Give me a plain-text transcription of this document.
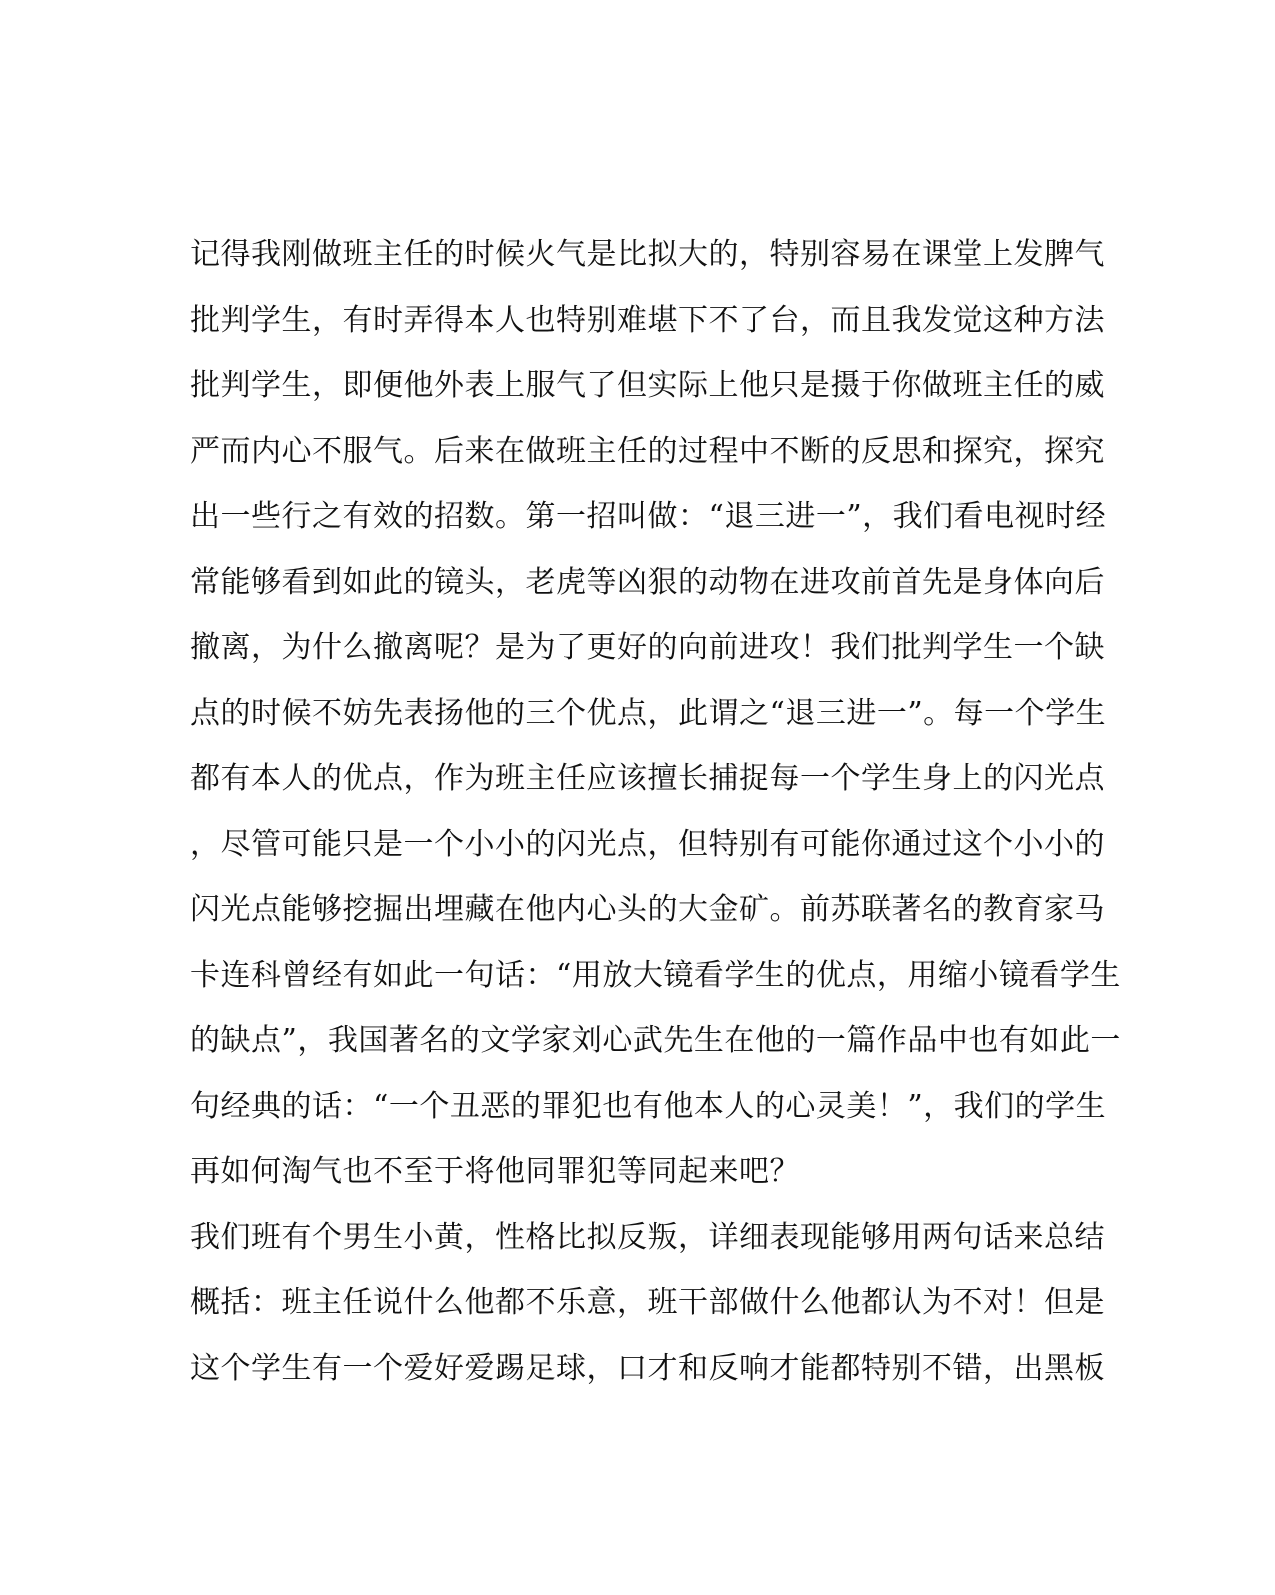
记得我刚做班主任的时候火气是比拟大的，特别容易在课堂上发脾气
批判学生，有时弄得本人也特别难堪下不了台，而且我发觉这种方法
批判学生，即便他外表上服气了但实际上他只是摄于你做班主任的威
严而内心不服气。后来在做班主任的过程中不断的反思和探究，探究
出一些行之有效的招数。第一招叫做：“退三进一”，我们看电视时经
常能够看到如此的镜头，老虎等凶狠的动物在进攻前首先是身体向后
撤离，为什么撤离呢？是为了更好的向前进攻！我们批判学生一个缺
点的时候不妨先表扬他的三个优点，此谓之“退三进一”。每一个学生
都有本人的优点，作为班主任应该擅长捕捉每一个学生身上的闪光点
，尽管可能只是一个小小的闪光点，但特别有可能你通过这个小小的
闪光点能够挖掘出埋藏在他内心头的大金矿。前苏联著名的教育家马
卡连科曾经有如此一句话：“用放大镜看学生的优点，用缩小镜看学生
的缺点”，我国著名的文学家刘心武先生在他的一篇作品中也有如此一
句经典的话：“一个丑恶的罪犯也有他本人的心灵美！”，我们的学生
再如何淘气也不至于将他同罪犯等同起来吧？
我们班有个男生小黄，性格比拟反叛，详细表现能够用两句话来总结
概括：班主任说什么他都不乐意，班干部做什么他都认为不对！但是
这个学生有一个爱好爱踢足球，口才和反响才能都特别不错，出黑板
